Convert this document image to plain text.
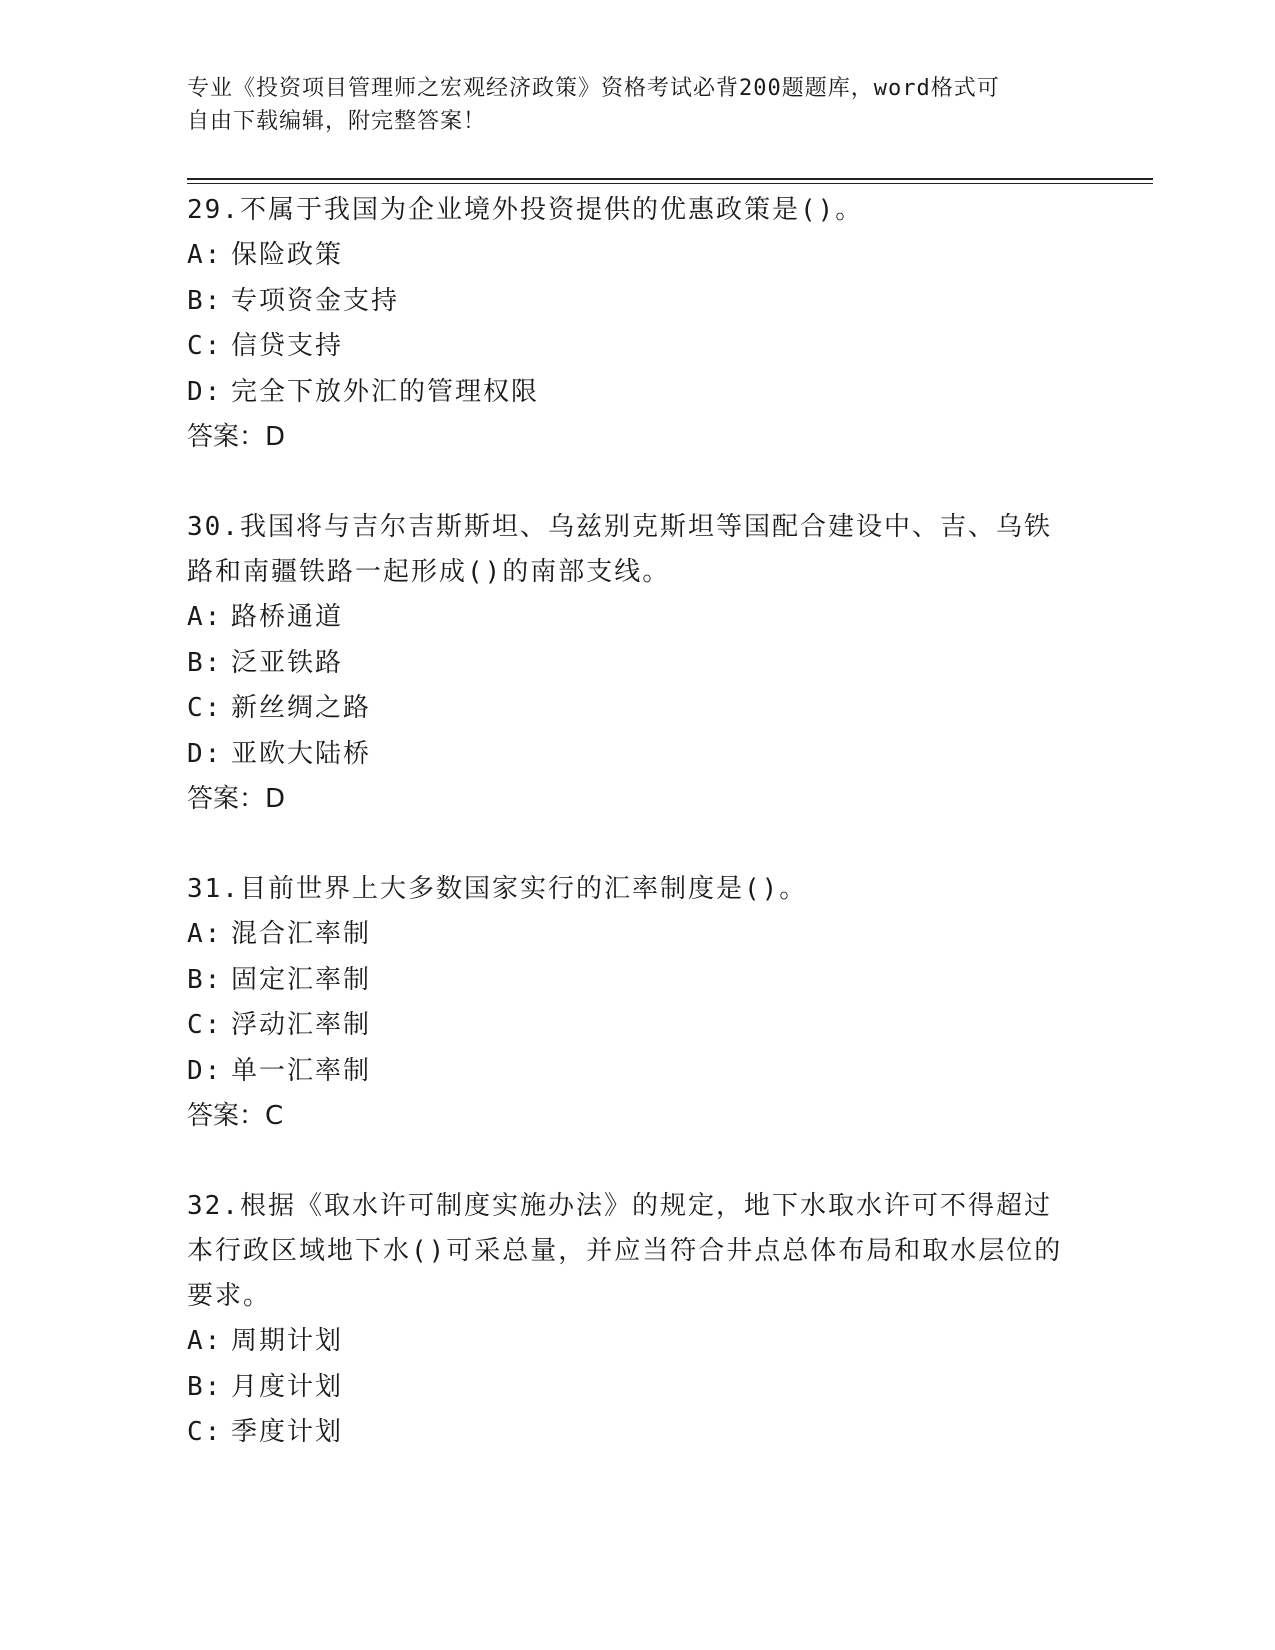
专业《投资项目管理师之宏观经济政策》资格考试必背200题题库，word格式可
自由下载编辑，附完整答案！

29.不属于我国为企业境外投资提供的优惠政策是()。

A: 保险政策

B: 专项资金支持

C: 信贷支持

D: 完全下放外汇的管理权限

答案：D

30.我国将与吉尔吉斯斯坦、乌兹别克斯坦等国配合建设中、吉、乌铁路和南疆铁路一起形成()的南部支线。

A: 路桥通道

B: 泛亚铁路

C: 新丝绸之路

D: 亚欧大陆桥

答案：D

31.目前世界上大多数国家实行的汇率制度是()。

A: 混合汇率制

B: 固定汇率制

C: 浮动汇率制

D: 单一汇率制

答案：C

32.根据《取水许可制度实施办法》的规定，地下水取水许可不得超过本行政区域地下水()可采总量，并应当符合井点总体布局和取水层位的要求。

A: 周期计划

B: 月度计划

C: 季度计划
